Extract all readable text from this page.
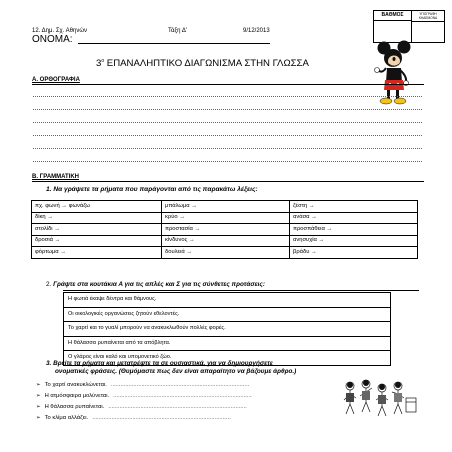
12. Δημ. Σχ. Αθηνών	Τάξη Δ'	9/12/2013
ΟΝΟΜΑ:
ΒΑΘΜΟΣ	ΥΠΟΓΡΑΦΗ ΚΗΔΕΜΟΝΑ
$3^o$ ΕΠΑΝΑΛΗΠΤΙΚΟ ΔΙΑΓΩΝΙΣΜΑ ΣΤΗΝ ΓΛΩΣΣΑ
Α. ΟΡΘΟΓΡΑΦΙΑ
Β. ΓΡΑΜΜΑΤΙΚΗ
1. Να γράψετε τα ρήματα που παράγονται από τις παρακάτω λέξεις:
πχ. φωνή → φωνάζω	μπάλωμα →	ζέστη →
δίκη →	κρύο →	ανάσα →
στολίδι →	προστασία →	προσπάθεια →
δροσιά →	κίνδυνος →	ανησυχία →
φόρτωμα →	δουλειά →	βράδυ →
2. Γράψτε στα κουτάκια Α για τις απλές και Σ για τις σύνθετες προτάσεις:
Η φωτιά έκαψε δέντρα και θάμνους.
Οι οικολογικές οργανώσεις ζητούν εθελοντές.
Το χαρτί και το γυαλί μπορούν να ανακυκλωθούν πολλές φορές.
Η θάλασσα ρυπαίνεται από τα απόβλητα.
Ο γλάρος είναι καλό και υπομονετικό ζώο.
3. Βρείτε τα ρήματα και μετατρέψτε τα σε ουσιαστικά, για να δημιουργήσετε
ονοματικές φράσεις. (Θυμόμαστε πως δεν είναι απαραίτητο να βάζουμε άρθρο.)
➢ Το χαρτί ανακυκλώνεται. ......................................................................................
➢ Η ατμόσφαιρα μολύνεται. ......................................................................................
➢ Η θάλασσα ρυπαίνεται. ......................................................................................
➢ Το κλίμα αλλάζει. ......................................................................................
